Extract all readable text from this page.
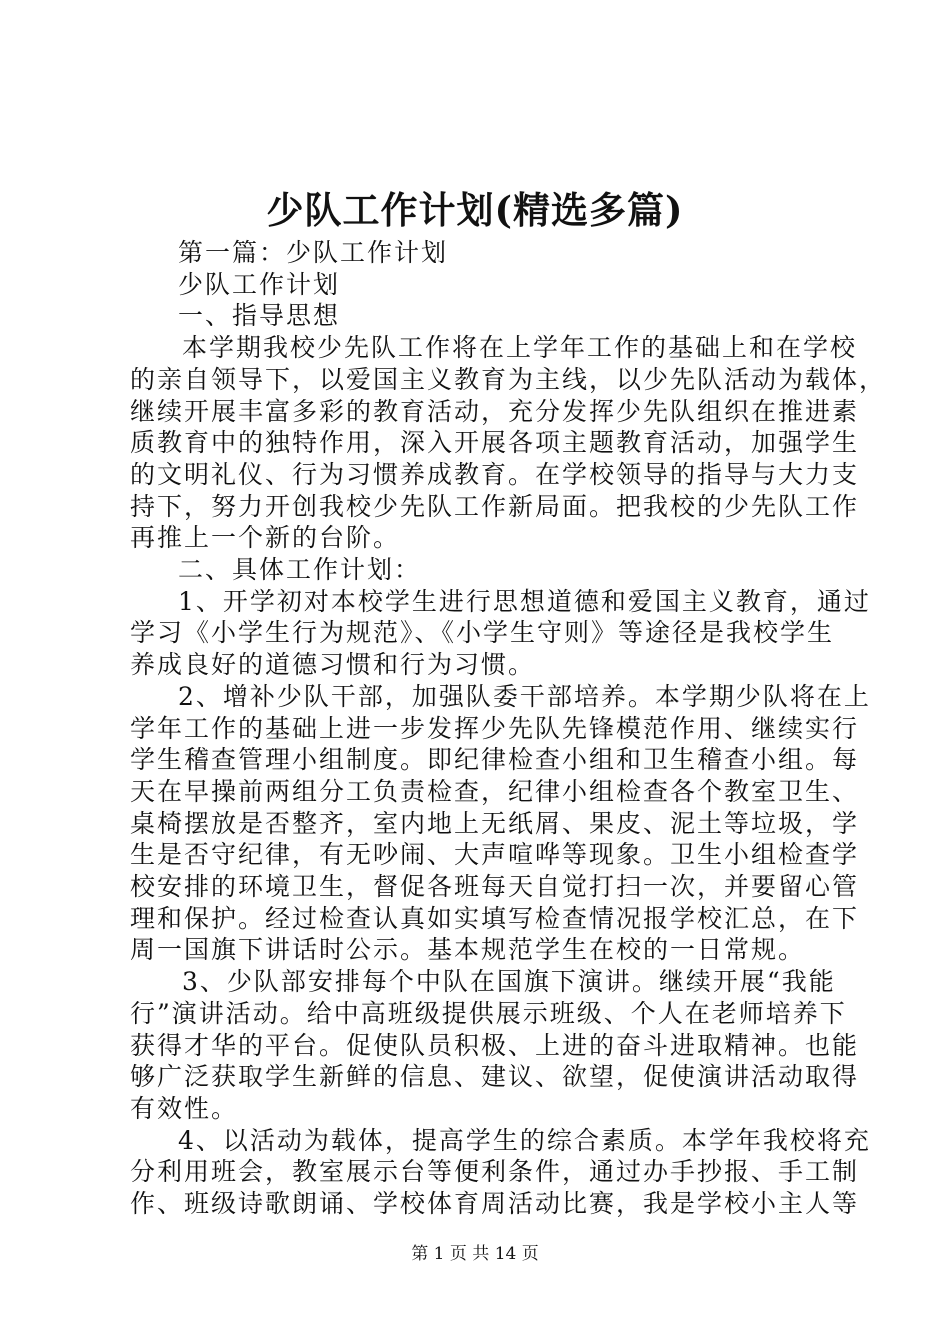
少队工作计划(精选多篇)

第一篇：少队工作计划

少队工作计划

一、指导思想

本学期我校少先队工作将在上学年工作的基础上和在学校

的亲自领导下，以爱国主义教育为主线，以少先队活动为载体，

继续开展丰富多彩的教育活动，充分发挥少先队组织在推进素

质教育中的独特作用，深入开展各项主题教育活动，加强学生

的文明礼仪、行为习惯养成教育。在学校领导的指导与大力支

持下，努力开创我校少先队工作新局面。把我校的少先队工作

再推上一个新的台阶。

二、具体工作计划：

1、开学初对本校学生进行思想道德和爱国主义教育，通过

学习《小学生行为规范》、《小学生守则》等途径是我校学生

养成良好的道德习惯和行为习惯。

2、增补少队干部，加强队委干部培养。本学期少队将在上

学年工作的基础上进一步发挥少先队先锋模范作用、继续实行

学生稽查管理小组制度。即纪律检查小组和卫生稽查小组。每

天在早操前两组分工负责检查，纪律小组检查各个教室卫生、

桌椅摆放是否整齐，室内地上无纸屑、果皮、泥土等垃圾，学

生是否守纪律，有无吵闹、大声喧哗等现象。卫生小组检查学

校安排的环境卫生，督促各班每天自觉打扫一次，并要留心管

理和保护。经过检查认真如实填写检查情况报学校汇总，在下

周一国旗下讲话时公示。基本规范学生在校的一日常规。

3、少队部安排每个中队在国旗下演讲。继续开展“我能

行”演讲活动。给中高班级提供展示班级、个人在老师培养下

获得才华的平台。促使队员积极、上进的奋斗进取精神。也能

够广泛获取学生新鲜的信息、建议、欲望，促使演讲活动取得

有效性。

4、以活动为载体，提高学生的综合素质。本学年我校将充

分利用班会，教室展示台等便利条件，通过办手抄报、手工制

作、班级诗歌朗诵、学校体育周活动比赛，我是学校小主人等

第 1 页 共 14 页
